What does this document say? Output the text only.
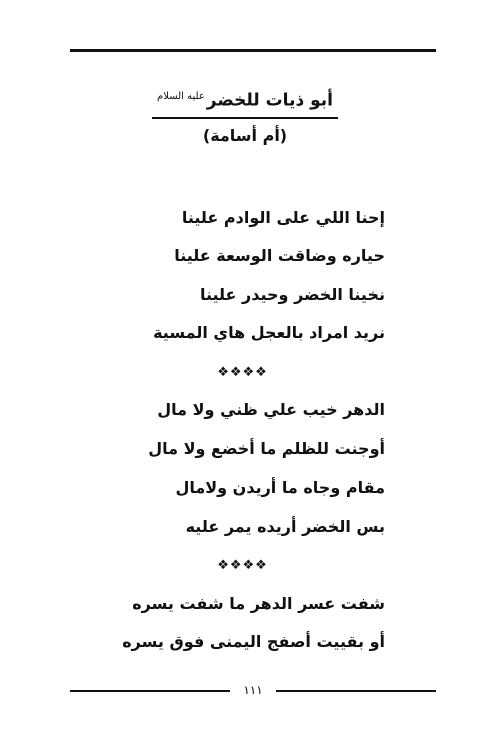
أبو ذيات للخضر$^{عليه السلام}$
(أم أسامة)
إحنا اللي على الوادم علينا
حياره وضاقت الوسعة علينا
نخينا الخضر وحيدر علينا
نريد امراد بالعجل هاي المسية
❖❖❖❖
الدهر خيب علي ظني ولا مال
أوجنت للظلم ما أخضع ولا مال
مقام وجاه ما أريدن ولامال
بس الخضر أريده يمر عليه
❖❖❖❖
شفت عسر الدهر ما شفت يسره
أو بقييت أصفج اليمنى فوق يسره
١١١
